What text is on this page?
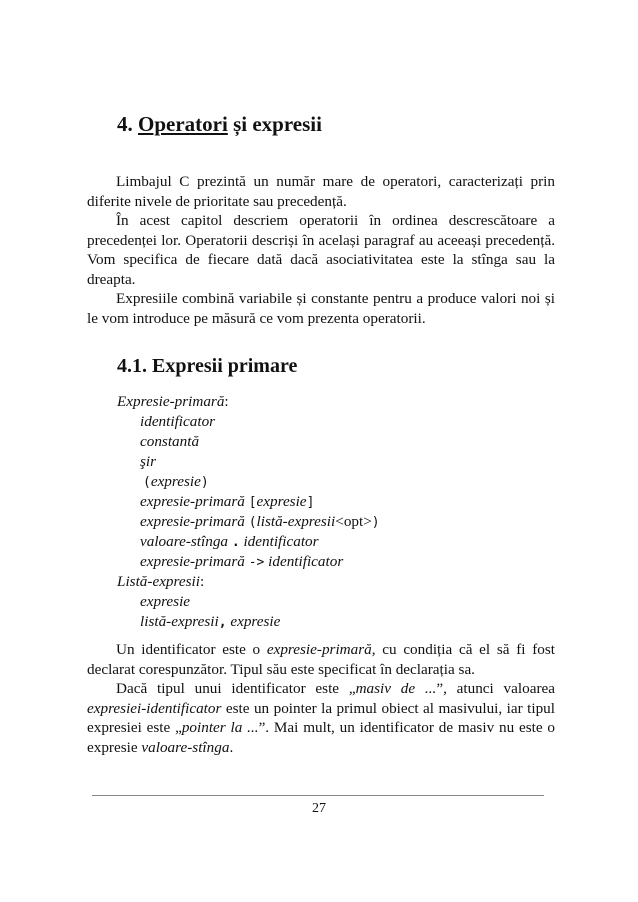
4. Operatori și expresii

Limbajul C prezintă un număr mare de operatori, caracterizați prin diferite nivele de prioritate sau precedență.

În acest capitol descriem operatorii în ordinea descrescătoare a precedenței lor. Operatorii descriși în același paragraf au aceeași precedență. Vom specifica de fiecare dată dacă asociativitatea este la stînga sau la dreapta.

Expresiile combină variabile și constante pentru a produce valori noi și le vom introduce pe măsură ce vom prezenta operatorii.

4.1. Expresii primare
Expresie-primară:
identificator
constantă
şir
(expresie)
expresie-primară [expresie]
expresie-primară (listă-expresii<opt>)
valoare-stînga . identificator
expresie-primară -> identificator
Listă-expresii:
expresie
listă-expresii, expresie

Un identificator este o expresie-primară, cu condiția că el să fi fost declarat corespunzător. Tipul său este specificat în declarația sa.

Dacă tipul unui identificator este „masiv de ...”, atunci valoarea expresiei-identificator este un pointer la primul obiect al masivului, iar tipul expresiei este „pointer la ...”. Mai mult, un identificator de masiv nu este o expresie valoare-stînga.

27
